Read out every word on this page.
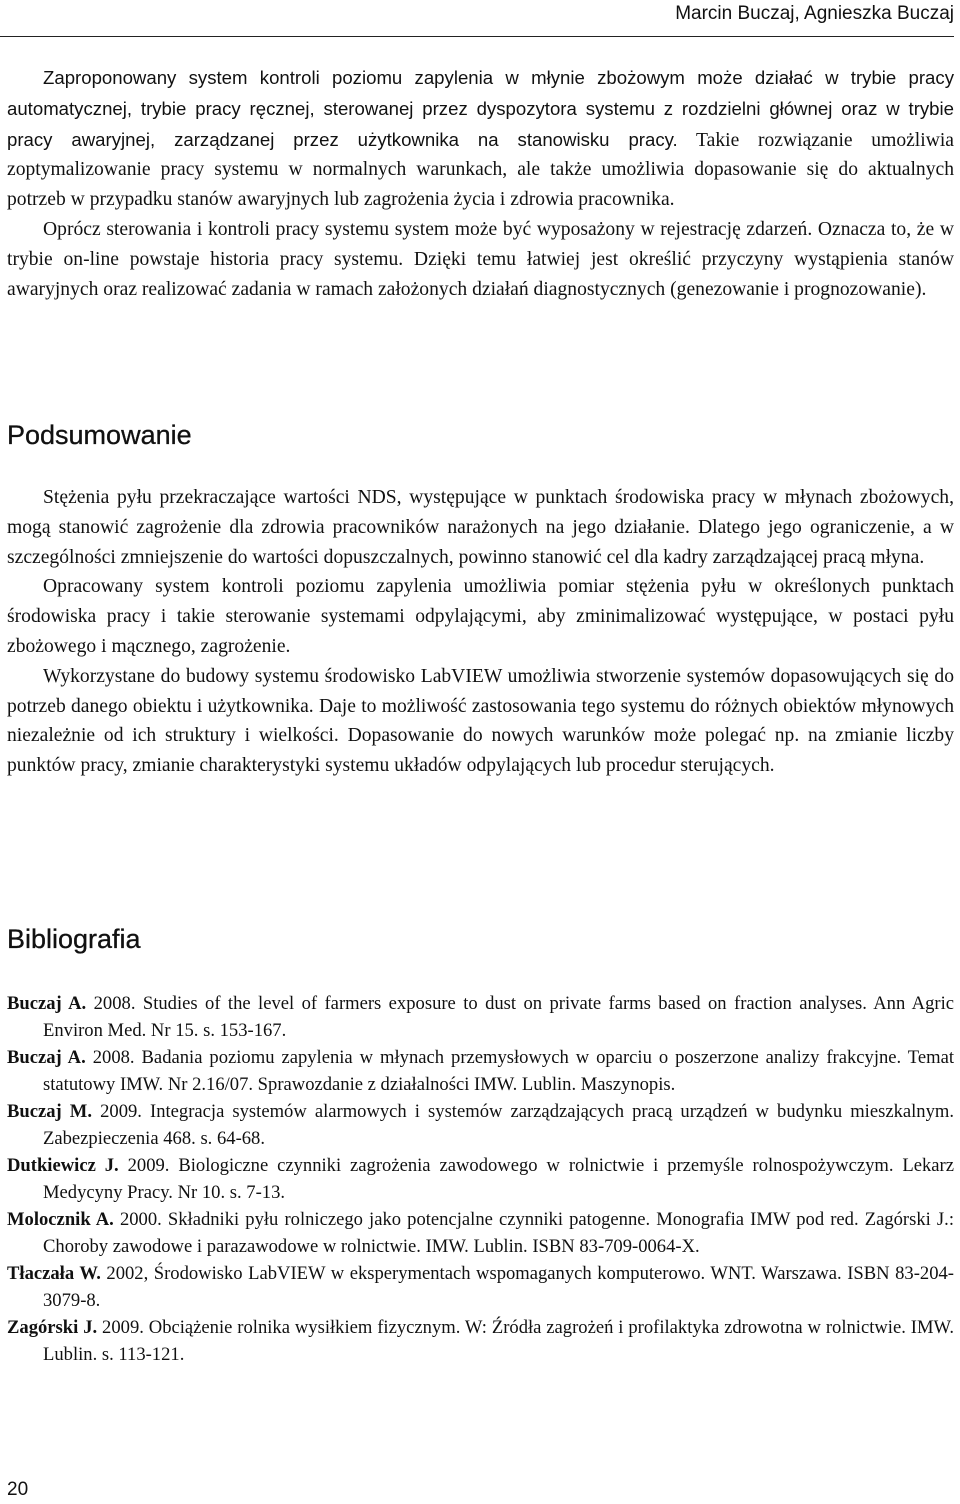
Marcin Buczaj, Agnieszka Buczaj

Zaproponowany system kontroli poziomu zapylenia w młynie zbożowym może działać w trybie pracy automatycznej, trybie pracy ręcznej, sterowanej przez dyspozytora systemu z rozdzielni głównej oraz w trybie pracy awaryjnej, zarządzanej przez użytkownika na stanowisku pracy. Takie rozwiązanie umożliwia zoptymalizowanie pracy systemu w normalnych warunkach, ale także umożliwia dopasowanie się do aktualnych potrzeb w przypadku stanów awaryjnych lub zagrożenia życia i zdrowia pracownika.

Oprócz sterowania i kontroli pracy systemu system może być wyposażony w rejestrację zdarzeń. Oznacza to, że w trybie on-line powstaje historia pracy systemu. Dzięki temu łatwiej jest określić przyczyny wystąpienia stanów awaryjnych oraz realizować zadania w ramach założonych działań diagnostycznych (genezowanie i prognozowanie).

Podsumowanie

Stężenia pyłu przekraczające wartości NDS, występujące w punktach środowiska pracy w młynach zbożowych, mogą stanowić zagrożenie dla zdrowia pracowników narażonych na jego działanie. Dlatego jego ograniczenie, a w szczególności zmniejszenie do wartości dopuszczalnych, powinno stanowić cel dla kadry zarządzającej pracą młyna.

Opracowany system kontroli poziomu zapylenia umożliwia pomiar stężenia pyłu w określonych punktach środowiska pracy i takie sterowanie systemami odpylającymi, aby zminimalizować występujące, w postaci pyłu zbożowego i mącznego, zagrożenie.

Wykorzystane do budowy systemu środowisko LabVIEW umożliwia stworzenie systemów dopasowujących się do potrzeb danego obiektu i użytkownika. Daje to możliwość zastosowania tego systemu do różnych obiektów młynowych niezależnie od ich struktury i wielkości. Dopasowanie do nowych warunków może polegać np. na zmianie liczby punktów pracy, zmianie charakterystyki systemu układów odpylających lub procedur sterujących.

Bibliografia

Buczaj A. 2008. Studies of the level of farmers exposure to dust on private farms based on fraction analyses. Ann Agric Environ Med. Nr 15. s. 153-167.

Buczaj A. 2008. Badania poziomu zapylenia w młynach przemysłowych w oparciu o poszerzone analizy frakcyjne. Temat statutowy IMW. Nr 2.16/07. Sprawozdanie z działalności IMW. Lublin. Maszynopis.

Buczaj M. 2009. Integracja systemów alarmowych i systemów zarządzających pracą urządzeń w budynku mieszkalnym. Zabezpieczenia 468. s. 64-68.

Dutkiewicz J. 2009. Biologiczne czynniki zagrożenia zawodowego w rolnictwie i przemyśle rolnospożywczym. Lekarz Medycyny Pracy. Nr 10. s. 7-13.

Molocznik A. 2000. Składniki pyłu rolniczego jako potencjalne czynniki patogenne. Monografia IMW pod red. Zagórski J.: Choroby zawodowe i parazawodowe w rolnictwie. IMW. Lublin. ISBN 83-709-0064-X.

Tłaczała W. 2002, Środowisko LabVIEW w eksperymentach wspomaganych komputerowo. WNT. Warszawa. ISBN 83-204-3079-8.

Zagórski J. 2009. Obciążenie rolnika wysiłkiem fizycznym. W: Źródła zagrożeń i profilaktyka zdrowotna w rolnictwie. IMW. Lublin. s. 113-121.

20
